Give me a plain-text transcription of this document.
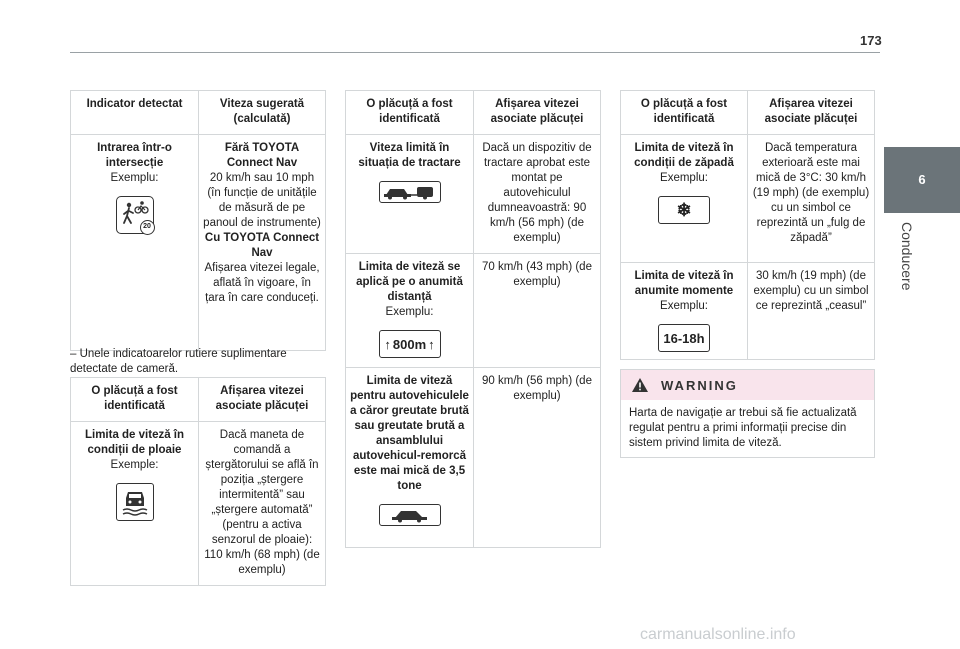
173
6
Conducere
Indicator detectat	Viteza sugerată (calculată)

Intrarea într-o intersecție
Exemplu:
20	Fără TOYOTA Connect Nav
20 km/h sau 10 mph (în funcție de unitățile de măsură de pe panoul de instrumente)
Cu TOYOTA Connect Nav
Afișarea vitezei legale, aflată în vigoare, în țara în care conduceți.
– Unele indicatoarelor rutiere suplimentare detectate de cameră.
O plăcuță a fost identificată	Afișarea vitezei asociate plăcuței

Limita de viteză în condiții de ploaie
Exemple:	Dacă maneta de comandă a ștergătorului se află în poziția „ștergere intermitentă” sau „ștergere automată” (pentru a activa senzorul de ploaie): 110 km/h (68 mph) (de exemplu)
O plăcuță a fost identificată	Afișarea vitezei asociate plăcuței

Viteza limită în situația de tractare	Dacă un dispozitiv de tractare aprobat este montat pe autovehiculul dumneavoastră: 90 km/h (56 mph) (de exemplu)

Limita de viteză se aplică pe o anumită distanță
Exemplu:
↑ 800m ↑	70 km/h (43 mph) (de exemplu)

Limita de viteză pentru autovehiculele a căror greutate brută sau greutate brută a ansamblului autovehicul-remorcă este mai mică de 3,5 tone	90 km/h (56 mph) (de exemplu)
O plăcuță a fost identificată	Afișarea vitezei asociate plăcuței

Limita de viteză în condiții de zăpadă
Exemplu:
❄	Dacă temperatura exterioară este mai mică de 3°C: 30 km/h (19 mph) (de exemplu) cu un simbol ce reprezintă un „fulg de zăpadă”

Limita de viteză în anumite momente
Exemplu:
16-18h	30 km/h (19 mph) (de exemplu) cu un simbol ce reprezintă „ceasul”
WARNING
Harta de navigație ar trebui să fie actualizată regulat pentru a primi informații precise din sistem privind limita de viteză.
carmanualsonline.info
